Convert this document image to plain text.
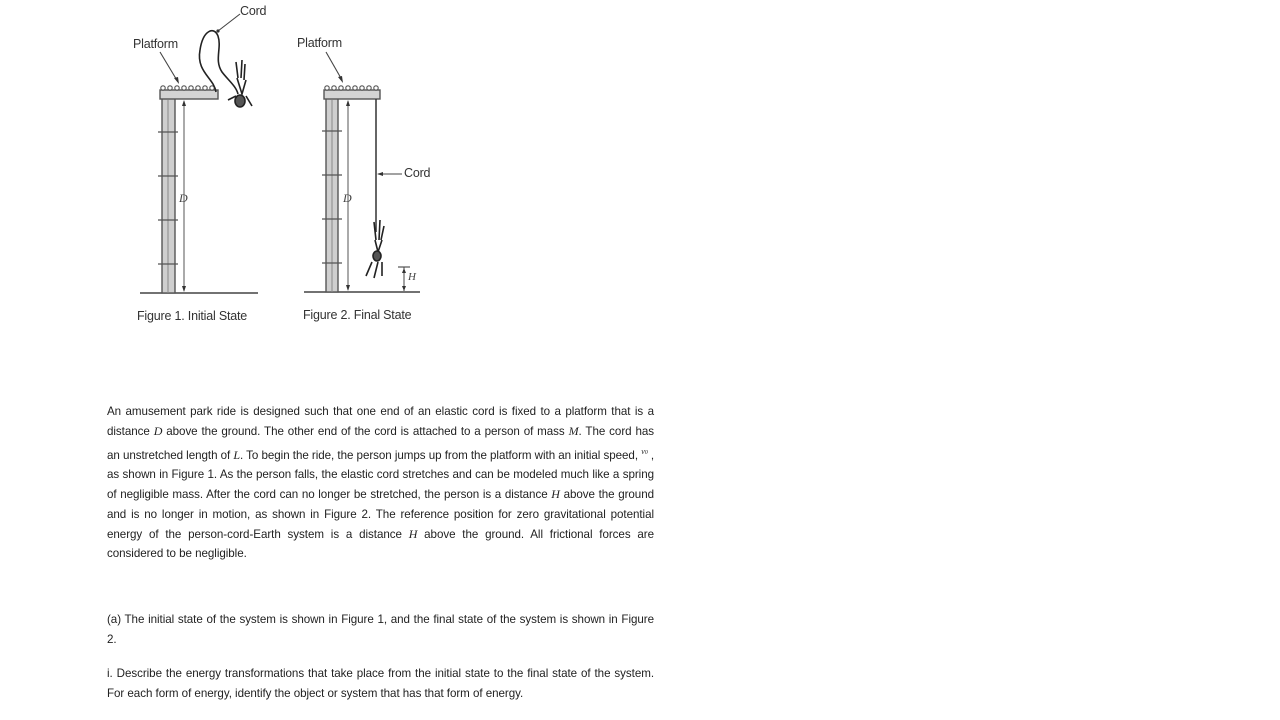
Cord
Platform
D
Figure 1. Initial State
Platform
Cord
D
H
Figure 2. Final State

An amusement park ride is designed such that one end of an elastic cord is fixed to a platform that is a distance D above the ground. The other end of the cord is attached to a person of mass M. The cord has an unstretched length of L. To begin the ride, the person jumps up from the platform with an initial speed, $^{v0}$ , as shown in Figure 1. As the person falls, the elastic cord stretches and can be modeled much like a spring of negligible mass. After the cord can no longer be stretched, the person is a distance H above the ground and is no longer in motion, as shown in Figure 2. The reference position for zero gravitational potential energy of the person-cord-Earth system is a distance H above the ground. All frictional forces are considered to be negligible.

(a) The initial state of the system is shown in Figure 1, and the final state of the system is shown in Figure 2.

i. Describe the energy transformations that take place from the initial state to the final state of the system. For each form of energy, identify the object or system that has that form of energy.
